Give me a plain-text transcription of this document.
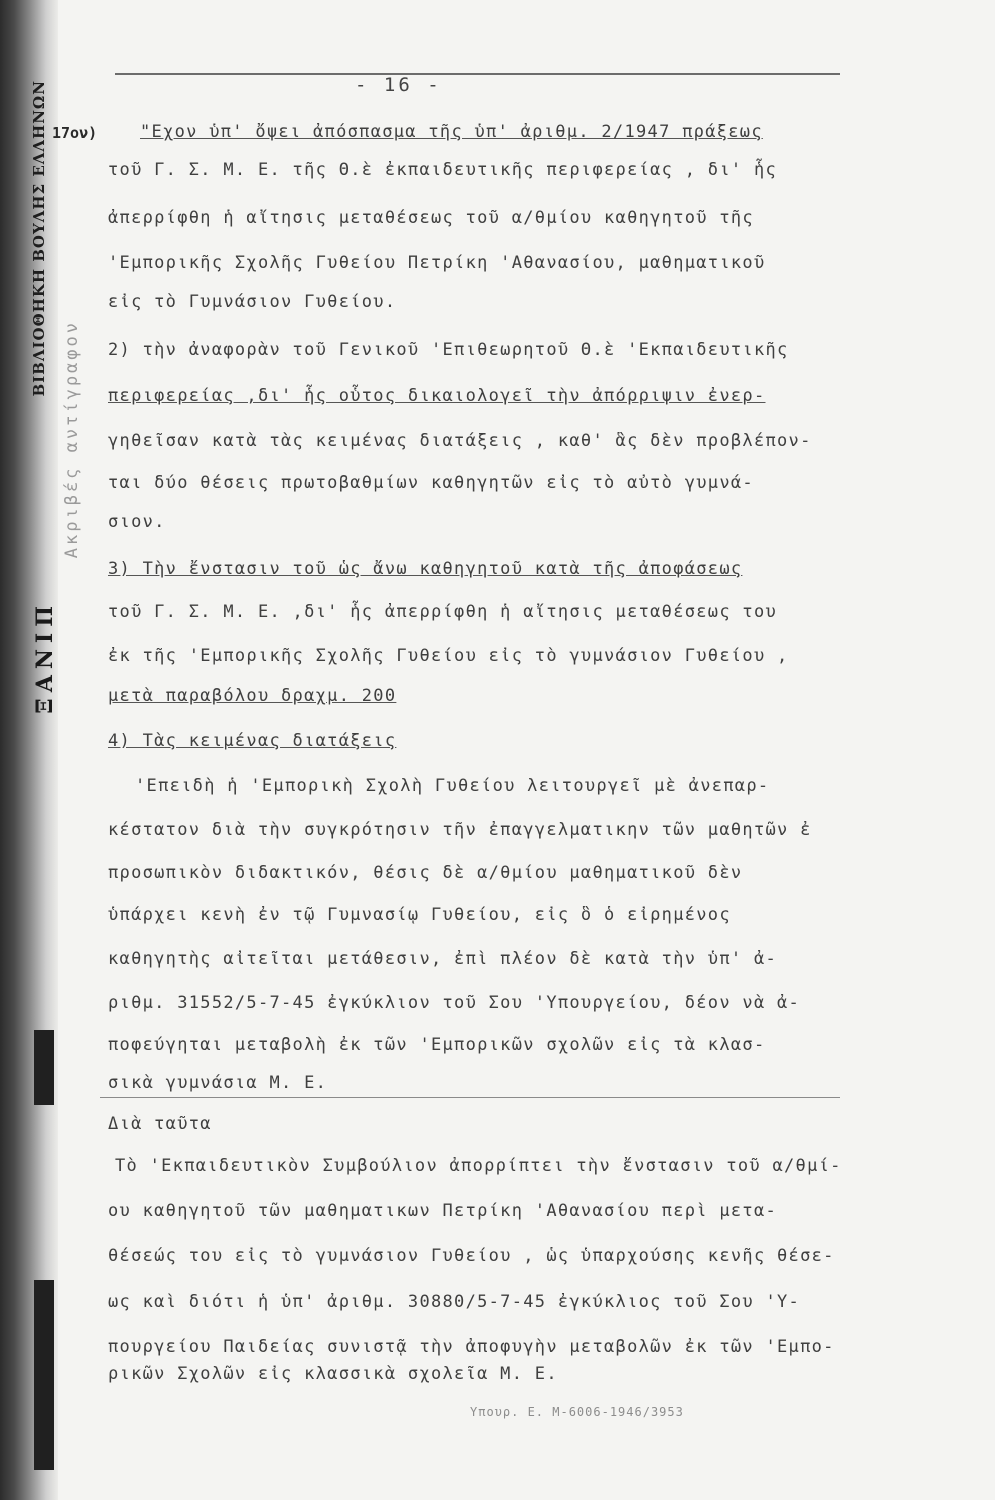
ΒΙΒΛΙΟΘΗΚΗ ΒΟΥΛΗΣ ΕΛΛΗΝΩΝ
ΞΑΝΙΠ
Ακριβές αντίγραφον
- 16 -
17ον)	"Εχον ὑπ' ὄψει ἀπόσπασμα τῆς ὑπ' ἀριθμ. 2/1947 πράξεως
τοῦ Γ. Σ. Μ. Ε. τῆς Θ.ὲ ἐκπαιδευτικῆς περιφερείας , δι' ἧς
ἀπερρίφθη ἡ αἴτησις μεταθέσεως τοῦ α/θμίου καθηγητοῦ τῆς
'Εμπορικῆς Σχολῆς Γυθείου Πετρίκη 'Αθανασίου, μαθηματικοῦ
εἰς τὸ Γυμνάσιον Γυθείου.
2) τὴν ἀναφορὰν τοῦ Γενικοῦ 'Επιθεωρητοῦ Θ.ὲ 'Εκπαιδευτικῆς
περιφερείας ,δι' ἧς οὗτος δικαιολογεῖ τὴν ἀπόρριψιν ἐνερ-
γηθεῖσαν κατὰ τὰς κειμένας διατάξεις , καθ' ἃς δὲν προβλέπον-
ται δύο θέσεις πρωτοβαθμίων καθηγητῶν εἰς τὸ αὐτὸ γυμνά-
σιον.
3) Τὴν ἔνστασιν τοῦ ὡς ἄνω καθηγητοῦ κατὰ τῆς ἀποφάσεως
τοῦ Γ. Σ. Μ. Ε. ,δι' ἧς ἀπερρίφθη ἡ αἴτησις μεταθέσεως του
ἐκ τῆς 'Εμπορικῆς Σχολῆς Γυθείου εἰς τὸ γυμνάσιον Γυθείου ,
μετὰ παραβόλου δραχμ. 200
4) Τὰς κειμένας διατάξεις
'Επειδὴ ἡ 'Εμπορικὴ Σχολὴ Γυθείου λειτουργεῖ μὲ ἀνεπαρ-
κέστατον διὰ τὴν συγκρότησιν τῆν ἐπαγγελματικην τῶν μαθητῶν ἐ
προσωπικὸν διδακτικόν, θέσις δὲ α/θμίου μαθηματικοῦ δὲν
ὑπάρχει κενὴ ἐν τῷ Γυμνασίῳ Γυθείου, εἰς ὃ ὁ εἰρημένος
καθηγητὴς αἰτεῖται μετάθεσιν, ἐπὶ πλέον δὲ κατὰ τὴν ὑπ' ἀ-
ριθμ. 31552/5-7-45 ἐγκύκλιον τοῦ Σου 'Υπουργείου, δέον νὰ ἀ-
ποφεύγηται μεταβολὴ ἐκ τῶν 'Εμπορικῶν σχολῶν εἰς τὰ κλασ-
σικὰ γυμνάσια Μ. Ε.
Διὰ ταῦτα
Τὸ 'Εκπαιδευτικὸν Συμβούλιον ἀπορρίπτει τὴν ἔνστασιν τοῦ α/θμί-
ου καθηγητοῦ τῶν μαθηματικων Πετρίκη 'Αθανασίου περὶ μετα-
θέσεώς του εἰς τὸ γυμνάσιον Γυθείου , ὡς ὑπαρχούσης κενῆς θέσε-
ως καὶ διότι ἡ ὑπ' ἀριθμ. 30880/5-7-45 ἐγκύκλιος τοῦ Σου 'Υ-
πουργείου Παιδείας συνιστᾷ τὴν ἀποφυγὴν μεταβολῶν ἐκ τῶν 'Εμπο-
ρικῶν Σχολῶν εἰς κλασσικὰ σχολεῖα Μ. Ε.
Υπουρ. Ε. Μ-6006-1946/3953
